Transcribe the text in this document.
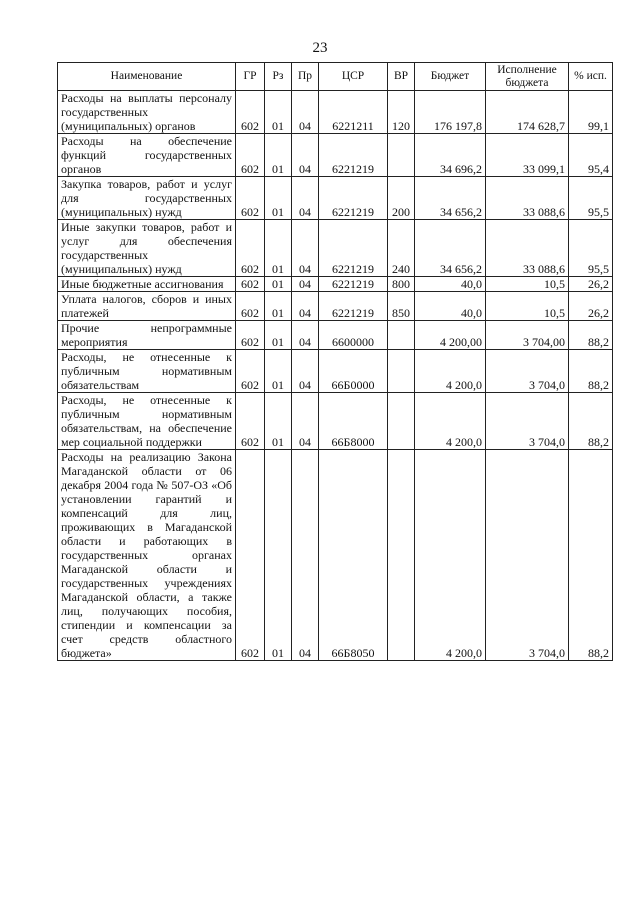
23
Наименование	ГР	Рз	Пр	ЦСР	ВР	Бюджет	Исполнение бюджета	% исп.
Расходы на выплаты персоналу государственных (муниципальных) органов	602	01	04	6221211	120	176 197,8	174 628,7	99,1
Расходы на обеспечение функций государственных органов	602	01	04	6221219		34 696,2	33 099,1	95,4
Закупка товаров, работ и услуг для государственных (муниципальных) нужд	602	01	04	6221219	200	34 656,2	33 088,6	95,5
Иные закупки товаров, работ и услуг для обеспечения государственных (муниципальных) нужд	602	01	04	6221219	240	34 656,2	33 088,6	95,5
Иные бюджетные ассигнования	602	01	04	6221219	800	40,0	10,5	26,2
Уплата налогов, сборов и иных платежей	602	01	04	6221219	850	40,0	10,5	26,2
Прочие непрограммные мероприятия	602	01	04	6600000		4 200,00	3 704,00	88,2
Расходы, не отнесенные к публичным нормативным обязательствам	602	01	04	66Б0000		4 200,0	3 704,0	88,2
Расходы, не отнесенные к публичным нормативным обязательствам, на обеспечение мер социальной поддержки	602	01	04	66Б8000		4 200,0	3 704,0	88,2
Расходы на реализацию Закона Магаданской области от 06 декабря 2004 года № 507-ОЗ «Об установлении гарантий и компенсаций для лиц, проживающих в Магаданской области и работающих в государственных органах Магаданской области и государственных учреждениях Магаданской области, а также лиц, получающих пособия, стипендии и компенсации за счет средств областного бюджета»	602	01	04	66Б8050		4 200,0	3 704,0	88,2
